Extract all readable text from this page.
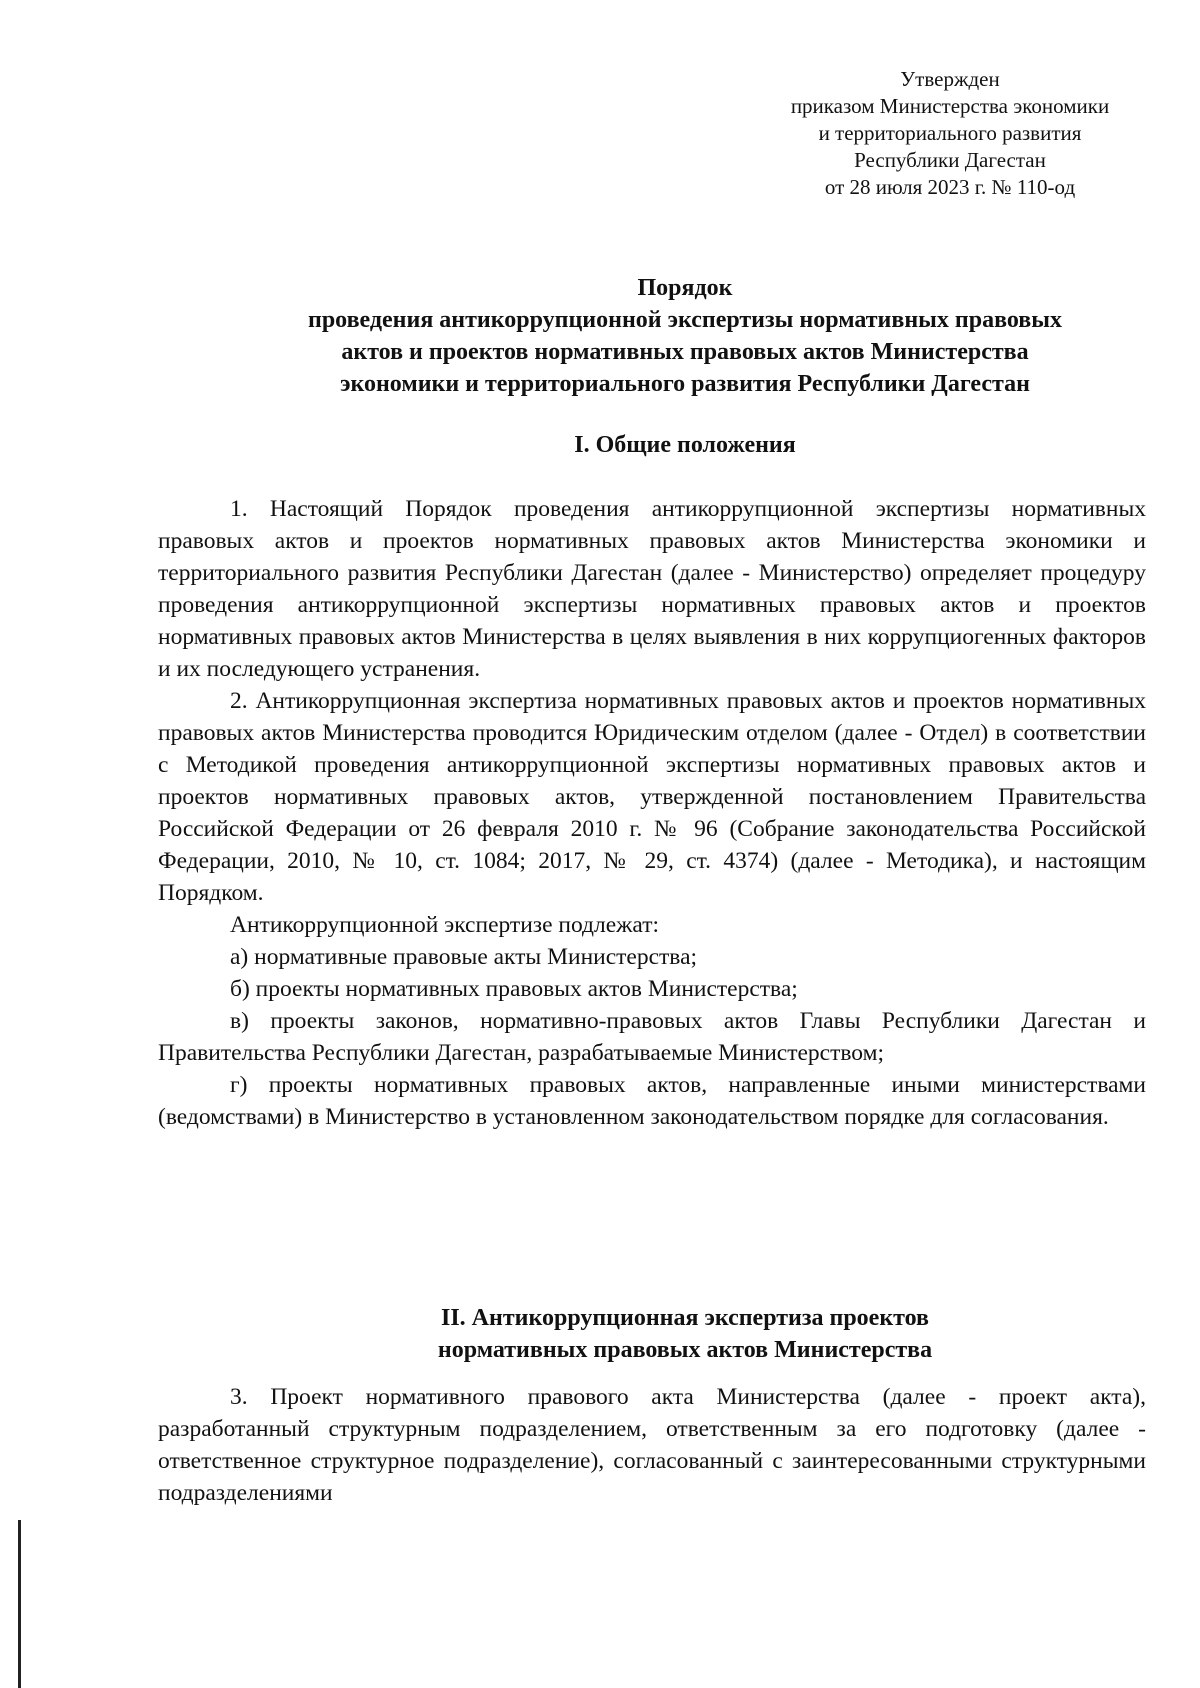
Утвержден
приказом Министерства экономики
и территориального развития
Республики Дагестан
от 28 июля 2023 г. № 110-од
Порядок
проведения антикоррупционной экспертизы нормативных правовых
актов и проектов нормативных правовых актов Министерства
экономики и территориального развития Республики Дагестан
I. Общие положения

1. Настоящий Порядок проведения антикоррупционной экспертизы нормативных правовых актов и проектов нормативных правовых актов Министерства экономики и территориального развития Республики Дагестан (далее - Министерство) определяет процедуру проведения антикоррупционной экспертизы нормативных правовых актов и проектов нормативных правовых актов Министерства в целях выявления в них коррупциогенных факторов и их последующего устранения.

2. Антикоррупционная экспертиза нормативных правовых актов и проектов нормативных правовых актов Министерства проводится Юридическим отделом (далее - Отдел) в соответствии с Методикой проведения антикоррупционной экспертизы нормативных правовых актов и проектов нормативных правовых актов, утвержденной постановлением Правительства Российской Федерации от 26 февраля 2010 г. № 96 (Собрание законодательства Российской Федерации, 2010, № 10, ст. 1084; 2017, № 29, ст. 4374) (далее - Методика), и настоящим Порядком.

Антикоррупционной экспертизе подлежат:

а) нормативные правовые акты Министерства;

б) проекты нормативных правовых актов Министерства;

в) проекты законов, нормативно-правовых актов Главы Республики Дагестан и Правительства Республики Дагестан, разрабатываемые Министерством;

г) проекты нормативных правовых актов, направленные иными министерствами (ведомствами) в Министерство в установленном законодательством порядке для согласования.

II. Антикоррупционная экспертиза проектов
нормативных правовых актов Министерства

3. Проект нормативного правового акта Министерства (далее - проект акта), разработанный структурным подразделением, ответственным за его подготовку (далее - ответственное структурное подразделение), согласованный с заинтересованными структурными подразделениями
